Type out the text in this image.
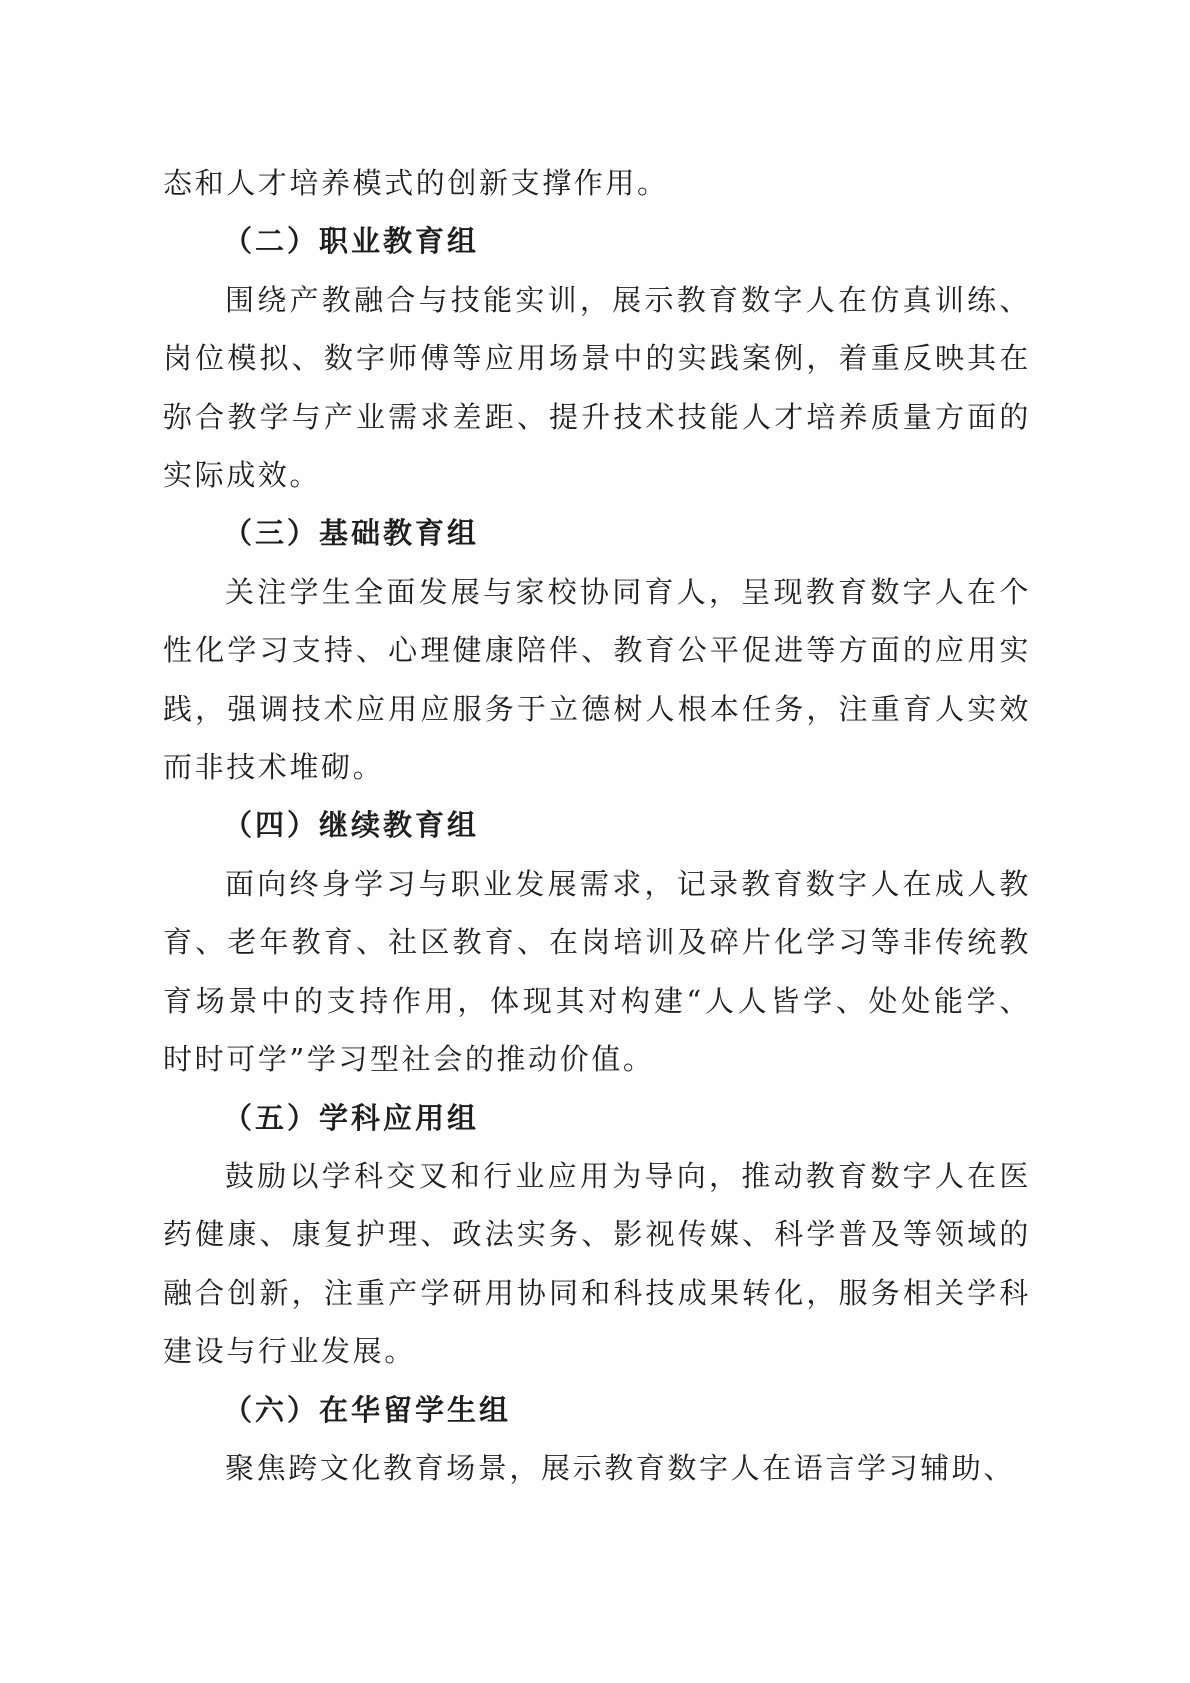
态和人才培养模式的创新支撑作用。

（二）职业教育组

围绕产教融合与技能实训，展示教育数字人在仿真训练、岗位模拟、数字师傅等应用场景中的实践案例，着重反映其在弥合教学与产业需求差距、提升技术技能人才培养质量方面的实际成效。

（三）基础教育组

关注学生全面发展与家校协同育人，呈现教育数字人在个性化学习支持、心理健康陪伴、教育公平促进等方面的应用实践，强调技术应用应服务于立德树人根本任务，注重育人实效而非技术堆砌。

（四）继续教育组

面向终身学习与职业发展需求，记录教育数字人在成人教育、老年教育、社区教育、在岗培训及碎片化学习等非传统教育场景中的支持作用，体现其对构建“人人皆学、处处能学、时时可学”学习型社会的推动价值。

（五）学科应用组

鼓励以学科交叉和行业应用为导向，推动教育数字人在医药健康、康复护理、政法实务、影视传媒、科学普及等领域的融合创新，注重产学研用协同和科技成果转化，服务相关学科建设与行业发展。

（六）在华留学生组

聚焦跨文化教育场景，展示教育数字人在语言学习辅助、
